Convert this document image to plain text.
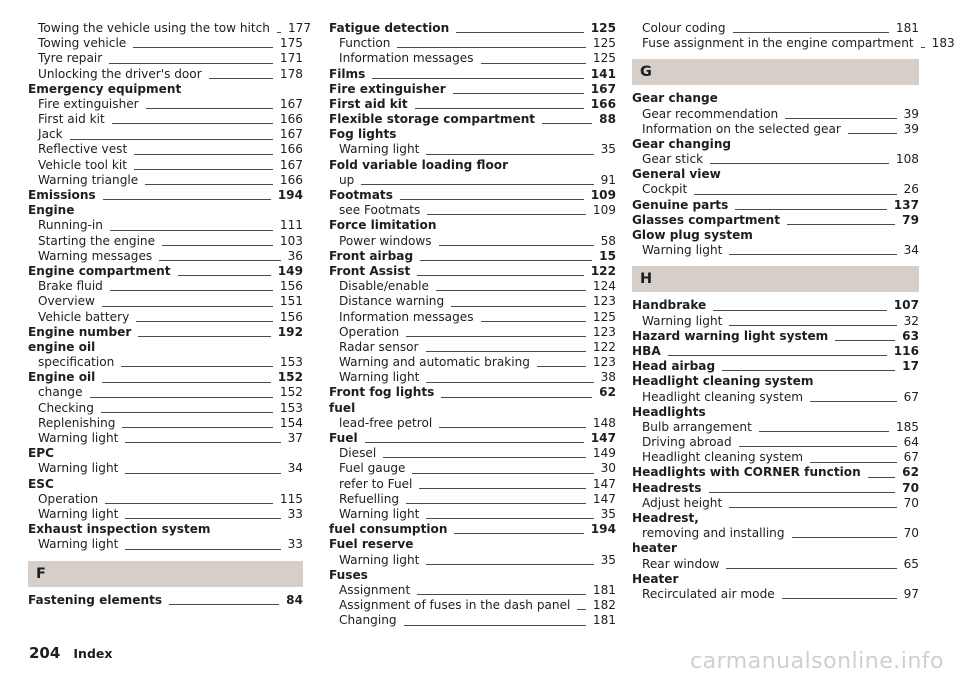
Towing the vehicle using the tow hitch 177
Towing vehicle	175
Tyre repair	171
Unlocking the driver's door	178
Emergency equipment
Fire extinguisher	167
First aid kit	166
Jack	167
Reflective vest	166
Vehicle tool kit	167
Warning triangle	166
Emissions	194
Engine
Running-in	111
Starting the engine	103
Warning messages	36
Engine compartment	149
Brake fluid	156
Overview	151
Vehicle battery	156
Engine number	192
engine oil
specification	153
Engine oil	152
change	152
Checking	153
Replenishing	154
Warning light	37
EPC
Warning light	34
ESC
Operation	115
Warning light	33
Exhaust inspection system
Warning light	33
F
Fastening elements	84
Fatigue detection	125
Function	125
Information messages	125
Films	141
Fire extinguisher	167
First aid kit	166
Flexible storage compartment	88
Fog lights
Warning light	35
Fold variable loading floor
up	91
Footmats	109
see Footmats	109
Force limitation
Power windows	58
Front airbag	15
Front Assist	122
Disable/enable	124
Distance warning	123
Information messages	125
Operation	123
Radar sensor	122
Warning and automatic braking	123
Warning light	38
Front fog lights	62
fuel
lead-free petrol	148
Fuel	147
Diesel	149
Fuel gauge	30
refer to Fuel	147
Refuelling	147
Warning light	35
fuel consumption	194
Fuel reserve
Warning light	35
Fuses
Assignment	181
Assignment of fuses in the dash panel 182
Changing	181
Colour coding	181
Fuse assignment in the engine compartment 183
G
Gear change
Gear recommendation	39
Information on the selected gear	39
Gear changing
Gear stick	108
General view
Cockpit	26
Genuine parts	137
Glasses compartment	79
Glow plug system
Warning light	34
H
Handbrake	107
Warning light	32
Hazard warning light system	63
HBA	116
Head airbag	17
Headlight cleaning system
Headlight cleaning system	67
Headlights
Bulb arrangement	185
Driving abroad	64
Headlight cleaning system	67
Headlights with CORNER function	62
Headrests	70
Adjust height	70
Headrest,
removing and installing	70
heater
Rear window	65
Heater
Recirculated air mode	97
204 Index	carmanualsonline.info
